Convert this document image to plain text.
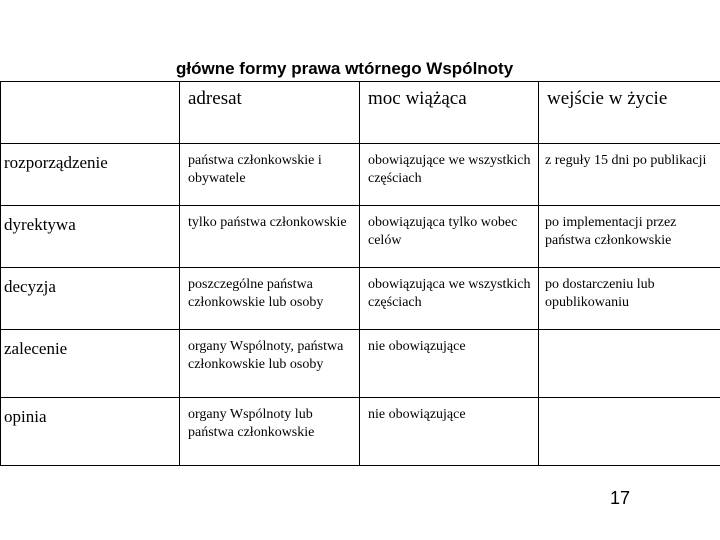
główne formy prawa wtórnego Wspólnoty
	adresat	moc wiążąca	wejście w życie
rozporządzenie	państwa członkowskie i obywatele	obowiązujące we wszystkich częściach	z reguły 15 dni po publikacji
dyrektywa	tylko państwa członkowskie	obowiązująca tylko wobec celów	po implementacji przez państwa członkowskie
decyzja	poszczególne państwa członkowskie lub osoby	obowiązująca we wszystkich częściach	po dostarczeniu lub opublikowaniu
zalecenie	organy Wspólnoty, państwa członkowskie lub osoby	nie obowiązujące	
opinia	organy Wspólnoty lub państwa członkowskie	nie obowiązujące	
17
